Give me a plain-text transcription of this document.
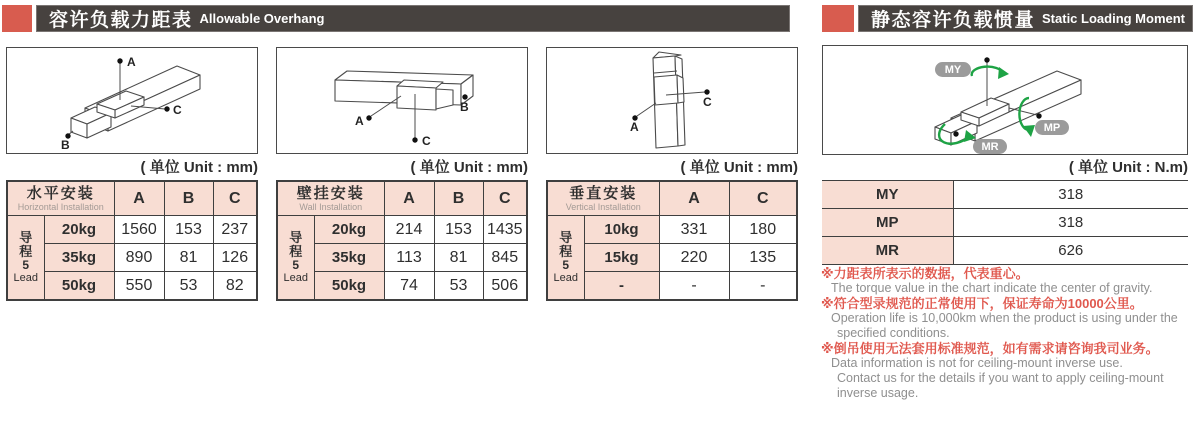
容许负载力距表 Allowable Overhang	静态容许负载惯量 Static Loading Moment
A
C
B
A
C
B
A
C
MY
MP
MR
( 单位 Unit : mm)	( 单位 Unit : mm)	( 单位 Unit : mm)	( 单位 Unit : N.m)
水平安装
Horizontal Installation		A	B	C

导
程
5
Lead	20kg	1560	153	237
	35kg	890	81	126
	50kg	550	53	82
壁挂安装
Wall Installation		A	B	C

导
程
5
Lead	20kg	214	153	1435
	35kg	113	81	845
	50kg	74	53	506
垂直安装
Vertical Installation		A	C

导
程
5
Lead	10kg	331	180
	15kg	220	135
	-	-	-
MY	318
MP	318
MR	626
※力距表所表示的数据，代表重心。
The torque value in the chart indicate the center of gravity.
※符合型录规范的正常使用下，保证寿命为10000公里。
Operation life is 10,000km when the product is using under the
specified conditions.
※倒吊使用无法套用标准规范，如有需求请咨询我司业务。
Data information is not for ceiling-mount inverse use.
Contact us for the details if you want to apply ceiling-mount
inverse usage.
